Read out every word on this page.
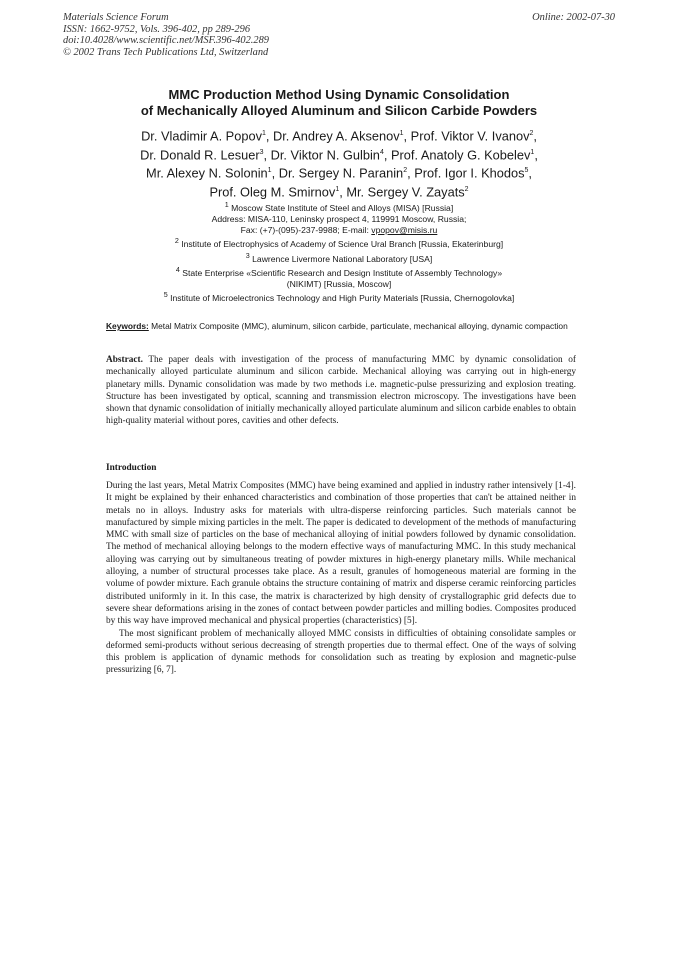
Materials Science Forum
ISSN: 1662-9752, Vols. 396-402, pp 289-296
doi:10.4028/www.scientific.net/MSF.396-402.289
© 2002 Trans Tech Publications Ltd, Switzerland
Online: 2002-07-30
MMC Production Method Using Dynamic Consolidation
of Mechanically Alloyed Aluminum and Silicon Carbide Powders
Dr. Vladimir A. Popov$^1$, Dr. Andrey A. Aksenov$^1$, Prof. Viktor V. Ivanov$^2$,
Dr. Donald R. Lesuer$^3$, Dr. Viktor N. Gulbin$^4$, Prof. Anatoly G. Kobelev$^1$,
Mr. Alexey N. Solonin$^1$, Dr. Sergey N. Paranin$^2$, Prof. Igor I. Khodos$^5$,
Prof. Oleg M. Smirnov$^1$, Mr. Sergey V. Zayats$^2$
$^1$ Moscow State Institute of Steel and Alloys (MISA) [Russia]
Address: MISA-110, Leninsky prospect 4, 119991 Moscow, Russia;
Fax: (+7)-(095)-237-9988; E-mail: vpopov@misis.ru
$^2$ Institute of Electrophysics of Academy of Science Ural Branch [Russia, Ekaterinburg]
$^3$ Lawrence Livermore National Laboratory [USA]
$^4$ State Enterprise «Scientific Research and Design Institute of Assembly Technology»
(NIKIMT) [Russia, Moscow]
$^5$ Institute of Microelectronics Technology and High Purity Materials [Russia, Chernogolovka]
Keywords: Metal Matrix Composite (MMC), aluminum, silicon carbide, particulate, mechanical alloying, dynamic compaction
Abstract. The paper deals with investigation of the process of manufacturing MMC by dynamic consolidation of mechanically alloyed particulate aluminum and silicon carbide. Mechanical alloying was carrying out in high-energy planetary mills. Dynamic consolidation was made by two methods i.e. magnetic-pulse pressurizing and explosion treating. Structure has been investigated by optical, scanning and transmission electron microscopy. The investigations have been shown that dynamic consolidation of initially mechanically alloyed particulate aluminum and silicon carbide enables to obtain high-quality material without pores, cavities and other defects.
Introduction

During the last years, Metal Matrix Composites (MMC) have being examined and applied in industry rather intensively [1-4]. It might be explained by their enhanced characteristics and combination of those properties that can't be attained neither in metals no in alloys. Industry asks for materials with ultra-disperse reinforcing particles. Such materials cannot be manufactured by simple mixing particles in the melt. The paper is dedicated to development of the methods of manufacturing MMC with small size of particles on the base of mechanical alloying of initial powders followed by dynamic consolidation. The method of mechanical alloying belongs to the modern effective ways of manufacturing MMC. In this study mechanical alloying was carrying out by simultaneous treating of powder mixtures in high-energy planetary mills. While mechanical alloying, a number of structural processes take place. As a result, granules of homogeneous material are forming in the volume of powder mixture. Each granule obtains the structure containing of matrix and disperse ceramic reinforcing particles distributed uniformly in it. In this case, the matrix is characterized by high density of crystallographic grid defects due to severe shear deformations arising in the zones of contact between powder particles and milling bodies. Composites produced by this way have improved mechanical and physical properties (characteristics) [5].

The most significant problem of mechanically alloyed MMC consists in difficulties of obtaining consolidate samples or deformed semi-products without serious decreasing of strength properties due to thermal effect. One of the ways of solving this problem is application of dynamic methods for consolidation such as treating by explosion and magnetic-pulse pressurizing [6, 7].
